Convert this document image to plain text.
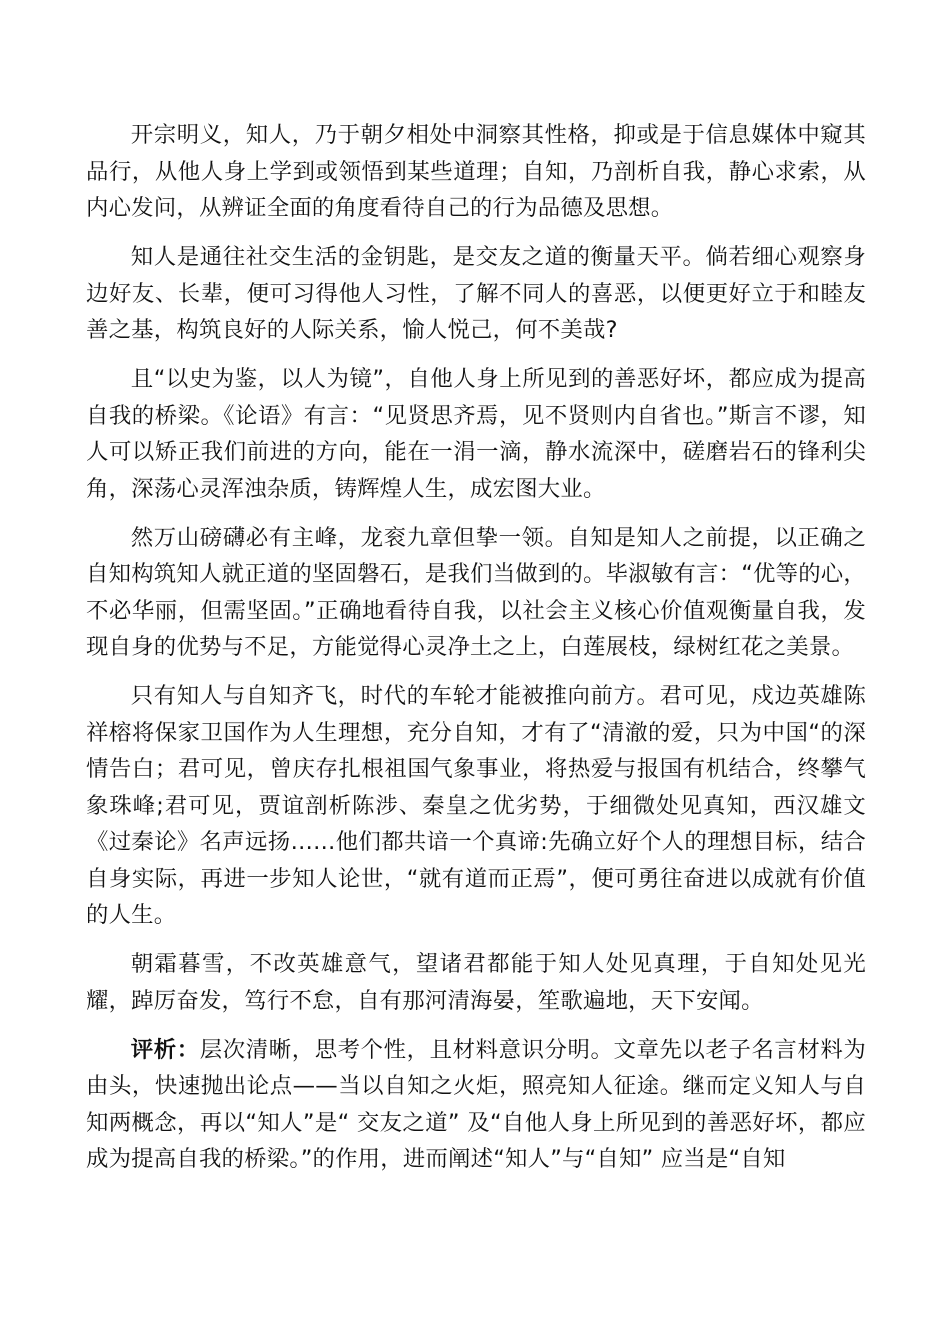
开宗明义，知人，乃于朝夕相处中洞察其性格，抑或是于信息媒体中窥其品行，从他人身上学到或领悟到某些道理；自知，乃剖析自我，静心求索，从内心发问，从辨证全面的角度看待自己的行为品德及思想。

知人是通往社交生活的金钥匙，是交友之道的衡量天平。倘若细心观察身边好友、长辈，便可习得他人习性，了解不同人的喜恶，以便更好立于和睦友善之基，构筑良好的人际关系，愉人悦己，何不美哉?

且“以史为鉴，以人为镜”，自他人身上所见到的善恶好坏，都应成为提高自我的桥梁。《论语》有言：“见贤思齐焉，见不贤则内自省也。”斯言不谬，知人可以矫正我们前进的方向，能在一涓一滴，静水流深中，磋磨岩石的锋利尖角，深荡心灵浑浊杂质，铸辉煌人生，成宏图大业。

然万山磅礴必有主峰，龙衮九章但挚一领。自知是知人之前提，以正确之自知构筑知人就正道的坚固磐石，是我们当做到的。毕淑敏有言：“优等的心，不必华丽，但需坚固。”正确地看待自我，以社会主义核心价值观衡量自我，发现自身的优势与不足，方能觉得心灵净土之上，白莲展枝，绿树红花之美景。

只有知人与自知齐飞，时代的车轮才能被推向前方。君可见，戍边英雄陈祥榕将保家卫国作为人生理想，充分自知，才有了“清澈的爱，只为中国“的深情告白；君可见，曾庆存扎根祖国气象事业，将热爱与报国有机结合，终攀气象珠峰;君可见，贾谊剖析陈涉、秦皇之优劣势，于细微处见真知，西汉雄文《过秦论》名声远扬……他们都共谙一个真谛:先确立好个人的理想目标，结合自身实际，再进一步知人论世，“就有道而正焉”，便可勇往奋进以成就有价值的人生。

朝霜暮雪，不改英雄意气，望诸君都能于知人处见真理，于自知处见光耀，踔厉奋发，笃行不怠，自有那河清海晏，笙歌遍地，天下安闻。

评析：层次清晰，思考个性，且材料意识分明。文章先以老子名言材料为由头，快速抛出论点——当以自知之火炬，照亮知人征途。继而定义知人与自知两概念，再以“知人”是“ 交友之道” 及“自他人身上所见到的善恶好坏，都应成为提高自我的桥梁。”的作用，进而阐述“知人”与“自知” 应当是“自知
